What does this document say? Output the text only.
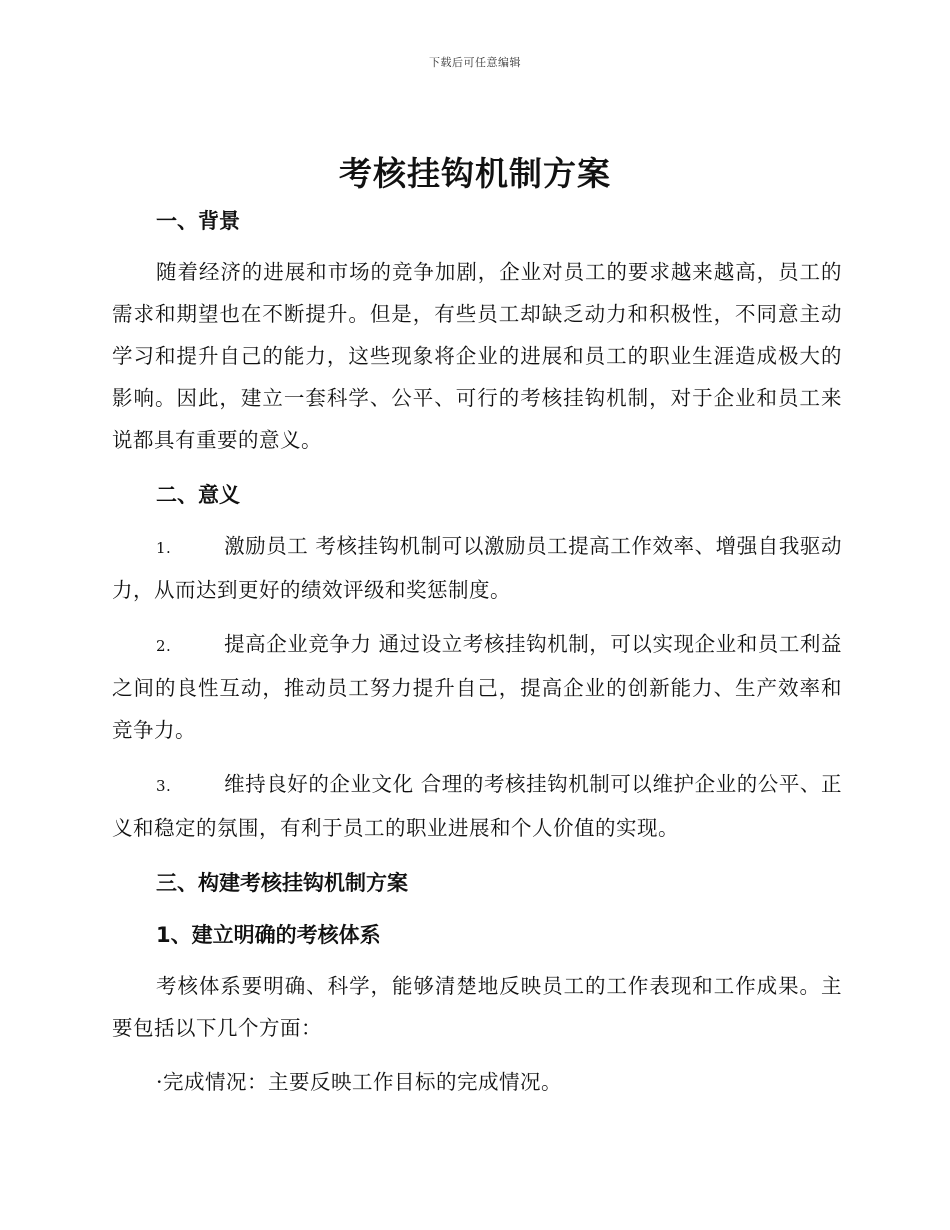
下载后可任意编辑
考核挂钩机制方案
一、背景
随着经济的进展和市场的竞争加剧，企业对员工的要求越来越高，员工的需求和期望也在不断提升。但是，有些员工却缺乏动力和积极性，不同意主动学习和提升自己的能力，这些现象将企业的进展和员工的职业生涯造成极大的影响。因此，建立一套科学、公平、可行的考核挂钩机制，对于企业和员工来说都具有重要的意义。
二、意义
1.	激励员工 考核挂钩机制可以激励员工提高工作效率、增强自我驱动力，从而达到更好的绩效评级和奖惩制度。
2.	提高企业竞争力 通过设立考核挂钩机制，可以实现企业和员工利益之间的良性互动，推动员工努力提升自己，提高企业的创新能力、生产效率和竞争力。
3.	维持良好的企业文化 合理的考核挂钩机制可以维护企业的公平、正义和稳定的氛围，有利于员工的职业进展和个人价值的实现。
三、构建考核挂钩机制方案
1、建立明确的考核体系
考核体系要明确、科学，能够清楚地反映员工的工作表现和工作成果。主要包括以下几个方面：
·完成情况：主要反映工作目标的完成情况。
